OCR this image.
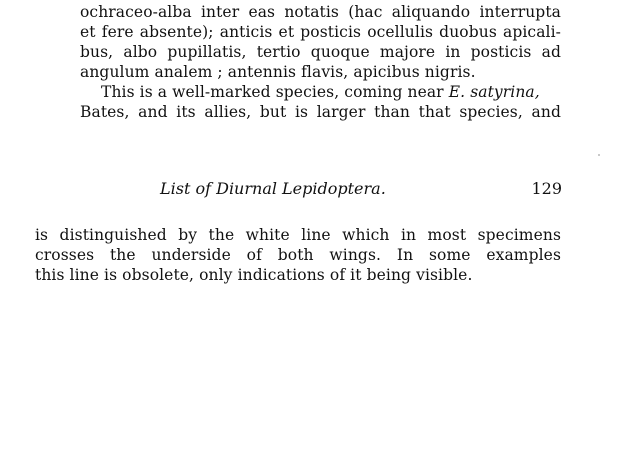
ochraceo-alba inter eas notatis (hac aliquando interrupta
et fere absente); anticis et posticis ocellulis duobus apicali-
bus, albo pupillatis, tertio quoque majore in posticis ad
angulum analem ; antennis flavis, apicibus nigris.
This is a well-marked species, coming near E. satyrina,
Bates, and its allies, but is larger than that species, and
List of Diurnal Lepidoptera.	129
is distinguished by the white line which in most specimens
crosses the underside of both wings. In some examples
this line is obsolete, only indications of it being visible.
